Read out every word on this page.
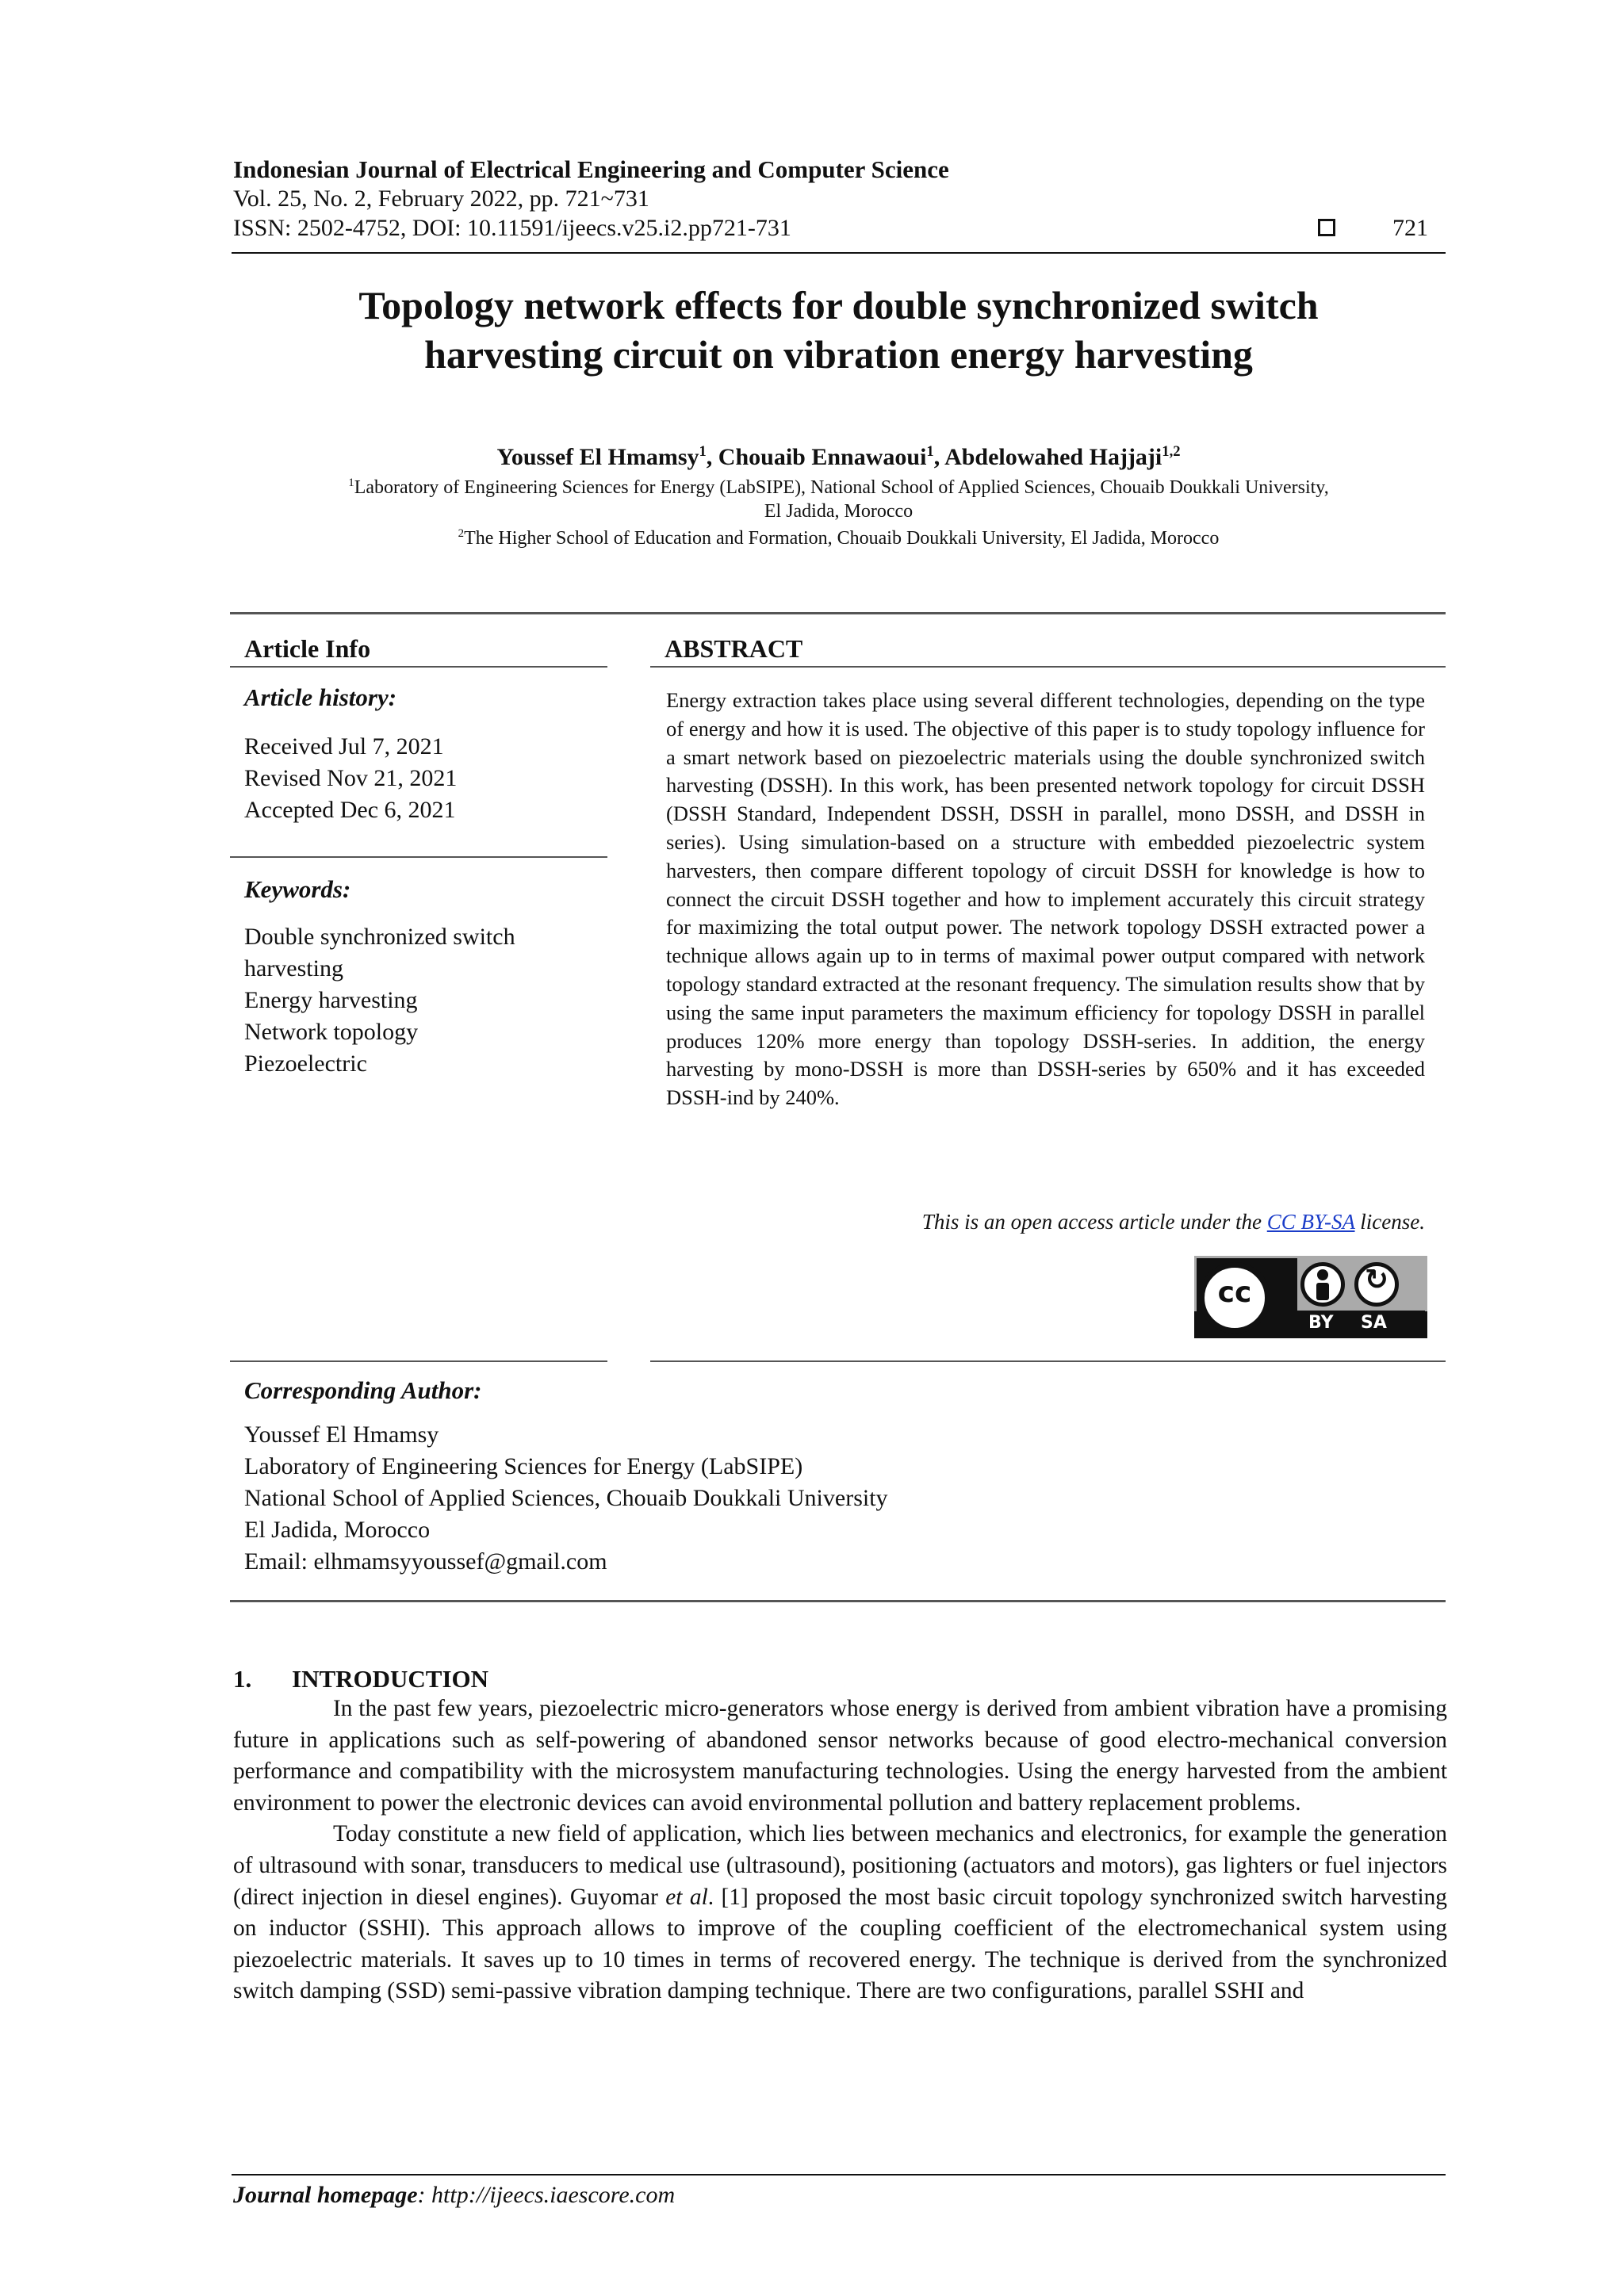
Indonesian Journal of Electrical Engineering and Computer Science
Vol. 25, No. 2, February 2022, pp. 721~731
ISSN: 2502-4752, DOI: 10.11591/ijeecs.v25.i2.pp721-731	721
Topology network effects for double synchronized switch
harvesting circuit on vibration energy harvesting
Youssef El Hmamsy$^1$, Chouaib Ennawaoui$^1$, Abdelowahed Hajjaji$^{1,2}$
$^1$Laboratory of Engineering Sciences for Energy (LabSIPE), National School of Applied Sciences, Chouaib Doukkali University,
El Jadida, Morocco
$^2$The Higher School of Education and Formation, Chouaib Doukkali University, El Jadida, Morocco
Article Info	ABSTRACT
Article history:
Received Jul 7, 2021
Revised Nov 21, 2021
Accepted Dec 6, 2021
Keywords:
Double synchronized switch
harvesting
Energy harvesting
Network topology
Piezoelectric
Energy extraction takes place using several different technologies, depending on the type of energy and how it is used. The objective of this paper is to study topology influence for a smart network based on piezoelectric materials using the double synchronized switch harvesting (DSSH). In this work, has been presented network topology for circuit DSSH (DSSH Standard, Independent DSSH, DSSH in parallel, mono DSSH, and DSSH in series). Using simulation-based on a structure with embedded piezoelectric system harvesters, then compare different topology of circuit DSSH for knowledge is how to connect the circuit DSSH together and how to implement accurately this circuit strategy for maximizing the total output power. The network topology DSSH extracted power a technique allows again up to in terms of maximal power output compared with network topology standard extracted at the resonant frequency. The simulation results show that by using the same input parameters the maximum efficiency for topology DSSH in parallel produces 120% more energy than topology DSSH-series. In addition, the energy harvesting by mono-DSSH is more than DSSH-series by 650% and it has exceeded DSSH-ind by 240%.
This is an open access article under the CC BY-SA license.
cc	↻
BY SA
Corresponding Author:
Youssef El Hmamsy
Laboratory of Engineering Sciences for Energy (LabSIPE)
National School of Applied Sciences, Chouaib Doukkali University
El Jadida, Morocco
Email: elhmamsyyoussef@gmail.com
1. INTRODUCTION

In the past few years, piezoelectric micro-generators whose energy is derived from ambient vibration have a promising future in applications such as self-powering of abandoned sensor networks because of good electro-mechanical conversion performance and compatibility with the microsystem manufacturing technologies. Using the energy harvested from the ambient environment to power the electronic devices can avoid environmental pollution and battery replacement problems.

Today constitute a new field of application, which lies between mechanics and electronics, for example the generation of ultrasound with sonar, transducers to medical use (ultrasound), positioning (actuators and motors), gas lighters or fuel injectors (direct injection in diesel engines). Guyomar et al. [1] proposed the most basic circuit topology synchronized switch harvesting on inductor (SSHI). This approach allows to improve of the coupling coefficient of the electromechanical system using piezoelectric materials. It saves up to 10 times in terms of recovered energy. The technique is derived from the synchronized switch damping (SSD) semi-passive vibration damping technique. There are two configurations, parallel SSHI and

Journal homepage: http://ijeecs.iaescore.com
